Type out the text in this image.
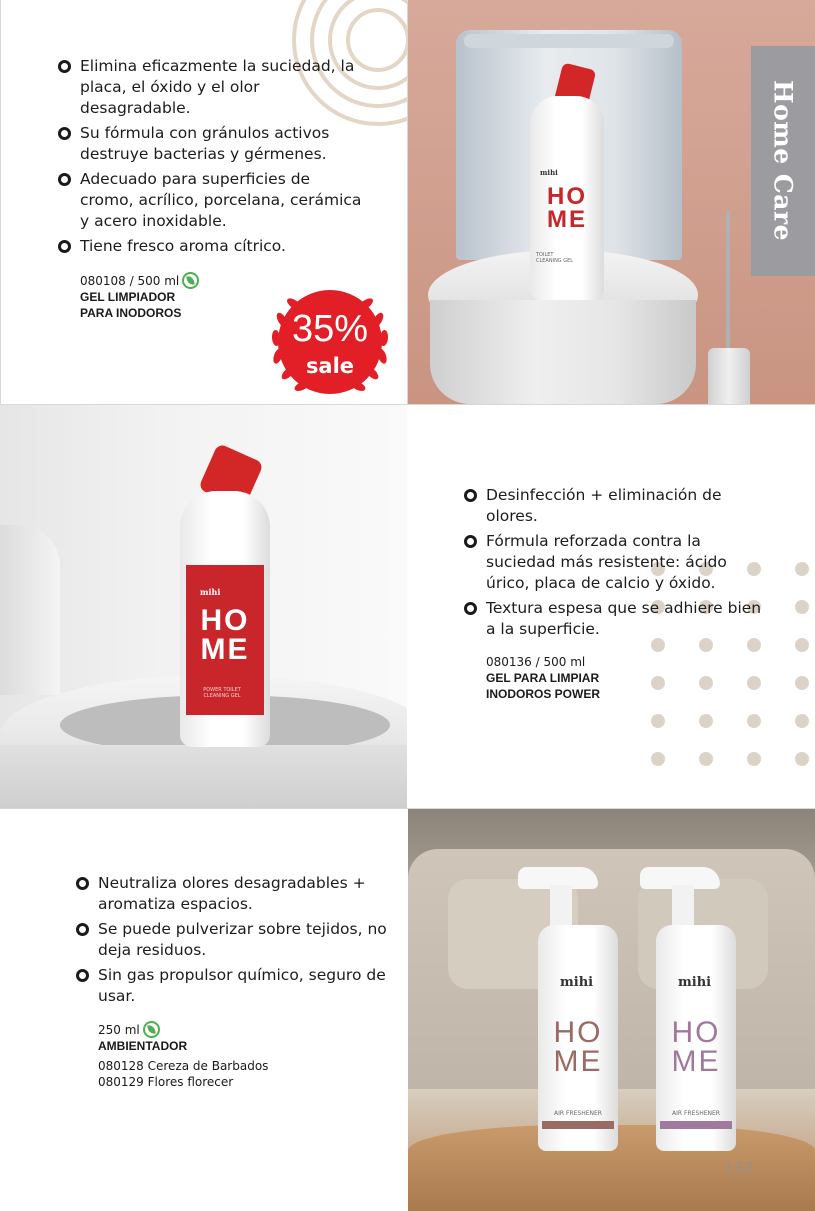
Elimina eficazmente la suciedad, la placa, el óxido y el olor desagradable.
Su fórmula con gránulos activos destruye bacterias y gérmenes.
Adecuado para superficies de cromo, acrílico, porcelana, cerámica y acero inoxidable.
Tiene fresco aroma cítrico.
080108 / 500 ml
GEL LIMPIADOR
PARA INODOROS	35%
sale
mihi
HO
ME
TOILET CLEANING GEL
Home Care
mihi
HO
ME
POWER TOILET CLEANING GEL
Desinfección + eliminación de olores.
Fórmula reforzada contra la suciedad más resistente: ácido úrico, placa de calcio y óxido.
Textura espesa que se adhiere bien a la superficie.
080136 / 500 ml
GEL PARA LIMPIAR
INODOROS POWER
Neutraliza olores desagradables + aromatiza espacios.
Se puede pulverizar sobre tejidos, no deja residuos.
Sin gas propulsor químico, seguro de usar.
250 ml
AMBIENTADOR
080128 Cereza de Barbados
080129 Flores florecer
mihi
HO
ME
AIR FRESHENER
mihi
HO
ME
AIR FRESHENER
137
